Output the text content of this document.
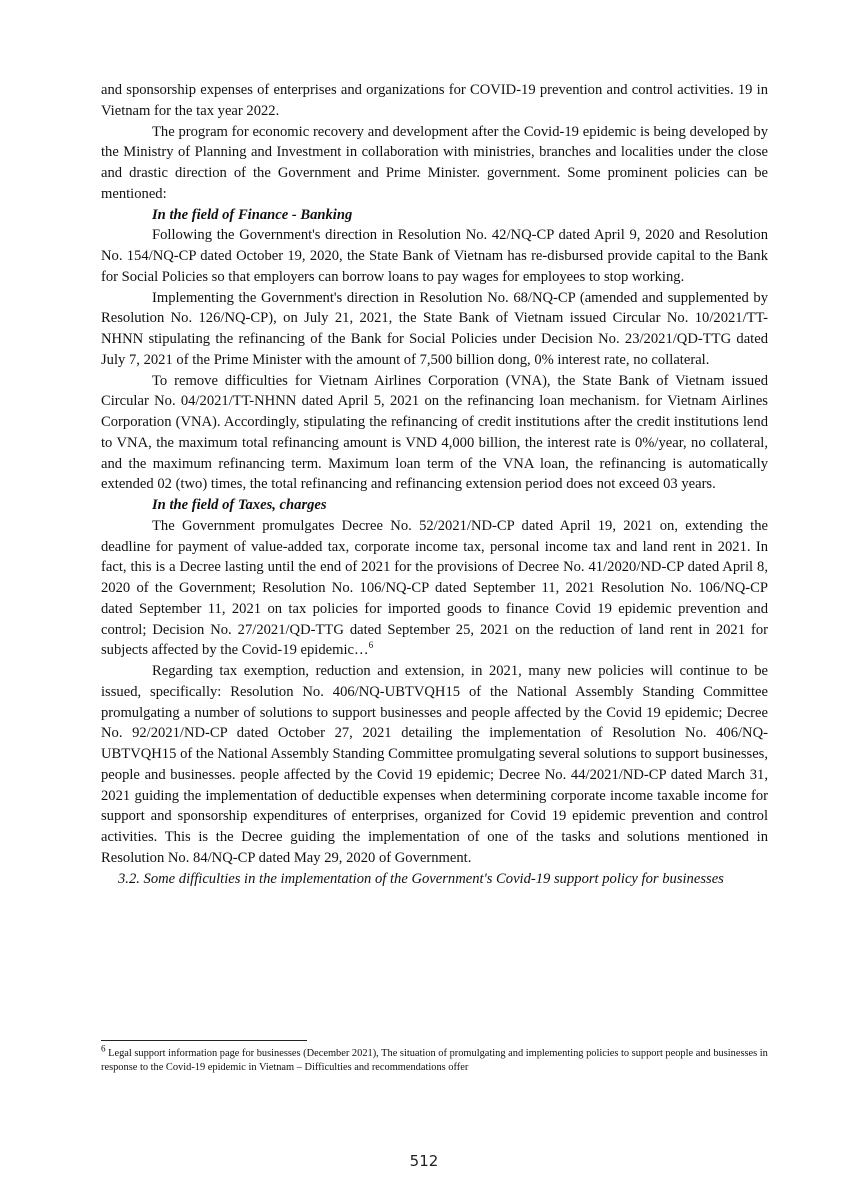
and sponsorship expenses of enterprises and organizations for COVID-19 prevention and control activities. 19 in Vietnam for the tax year 2022.

The program for economic recovery and development after the Covid-19 epidemic is being developed by the Ministry of Planning and Investment in collaboration with ministries, branches and localities under the close and drastic direction of the Government and Prime Minister. government. Some prominent policies can be mentioned:

In the field of Finance - Banking

Following the Government's direction in Resolution No. 42/NQ-CP dated April 9, 2020 and Resolution No. 154/NQ-CP dated October 19, 2020, the State Bank of Vietnam has re-disbursed provide capital to the Bank for Social Policies so that employers can borrow loans to pay wages for employees to stop working.

Implementing the Government's direction in Resolution No. 68/NQ-CP (amended and supplemented by Resolution No. 126/NQ-CP), on July 21, 2021, the State Bank of Vietnam issued Circular No. 10/2021/TT-NHNN stipulating the refinancing of the Bank for Social Policies under Decision No. 23/2021/QD-TTG dated July 7, 2021 of the Prime Minister with the amount of 7,500 billion dong, 0% interest rate, no collateral.

To remove difficulties for Vietnam Airlines Corporation (VNA), the State Bank of Vietnam issued Circular No. 04/2021/TT-NHNN dated April 5, 2021 on the refinancing loan mechanism. for Vietnam Airlines Corporation (VNA). Accordingly, stipulating the refinancing of credit institutions after the credit institutions lend to VNA, the maximum total refinancing amount is VND 4,000 billion, the interest rate is 0%/year, no collateral, and the maximum refinancing term. Maximum loan term of the VNA loan, the refinancing is automatically extended 02 (two) times, the total refinancing and refinancing extension period does not exceed 03 years.

In the field of Taxes, charges

The Government promulgates Decree No. 52/2021/ND-CP dated April 19, 2021 on, extending the deadline for payment of value-added tax, corporate income tax, personal income tax and land rent in 2021. In fact, this is a Decree lasting until the end of 2021 for the provisions of Decree No. 41/2020/ND-CP dated April 8, 2020 of the Government; Resolution No. 106/NQ-CP dated September 11, 2021 Resolution No. 106/NQ-CP dated September 11, 2021 on tax policies for imported goods to finance Covid 19 epidemic prevention and control; Decision No. 27/2021/QD-TTG dated September 25, 2021 on the reduction of land rent in 2021 for subjects affected by the Covid-19 epidemic…$^6$

Regarding tax exemption, reduction and extension, in 2021, many new policies will continue to be issued, specifically: Resolution No. 406/NQ-UBTVQH15 of the National Assembly Standing Committee promulgating a number of solutions to support businesses and people affected by the Covid 19 epidemic; Decree No. 92/2021/ND-CP dated October 27, 2021 detailing the implementation of Resolution No. 406/NQ-UBTVQH15 of the National Assembly Standing Committee promulgating several solutions to support businesses, people and businesses. people affected by the Covid 19 epidemic; Decree No. 44/2021/ND-CP dated March 31, 2021 guiding the implementation of deductible expenses when determining corporate income taxable income for support and sponsorship expenditures of enterprises, organized for Covid 19 epidemic prevention and control activities. This is the Decree guiding the implementation of one of the tasks and solutions mentioned in Resolution No. 84/NQ-CP dated May 29, 2020 of Government.

3.2. Some difficulties in the implementation of the Government's Covid-19 support policy for businesses

$^6$ Legal support information page for businesses (December 2021), The situation of promulgating and implementing policies to support people and businesses in response to the Covid-19 epidemic in Vietnam – Difficulties and recommendations offer
512
